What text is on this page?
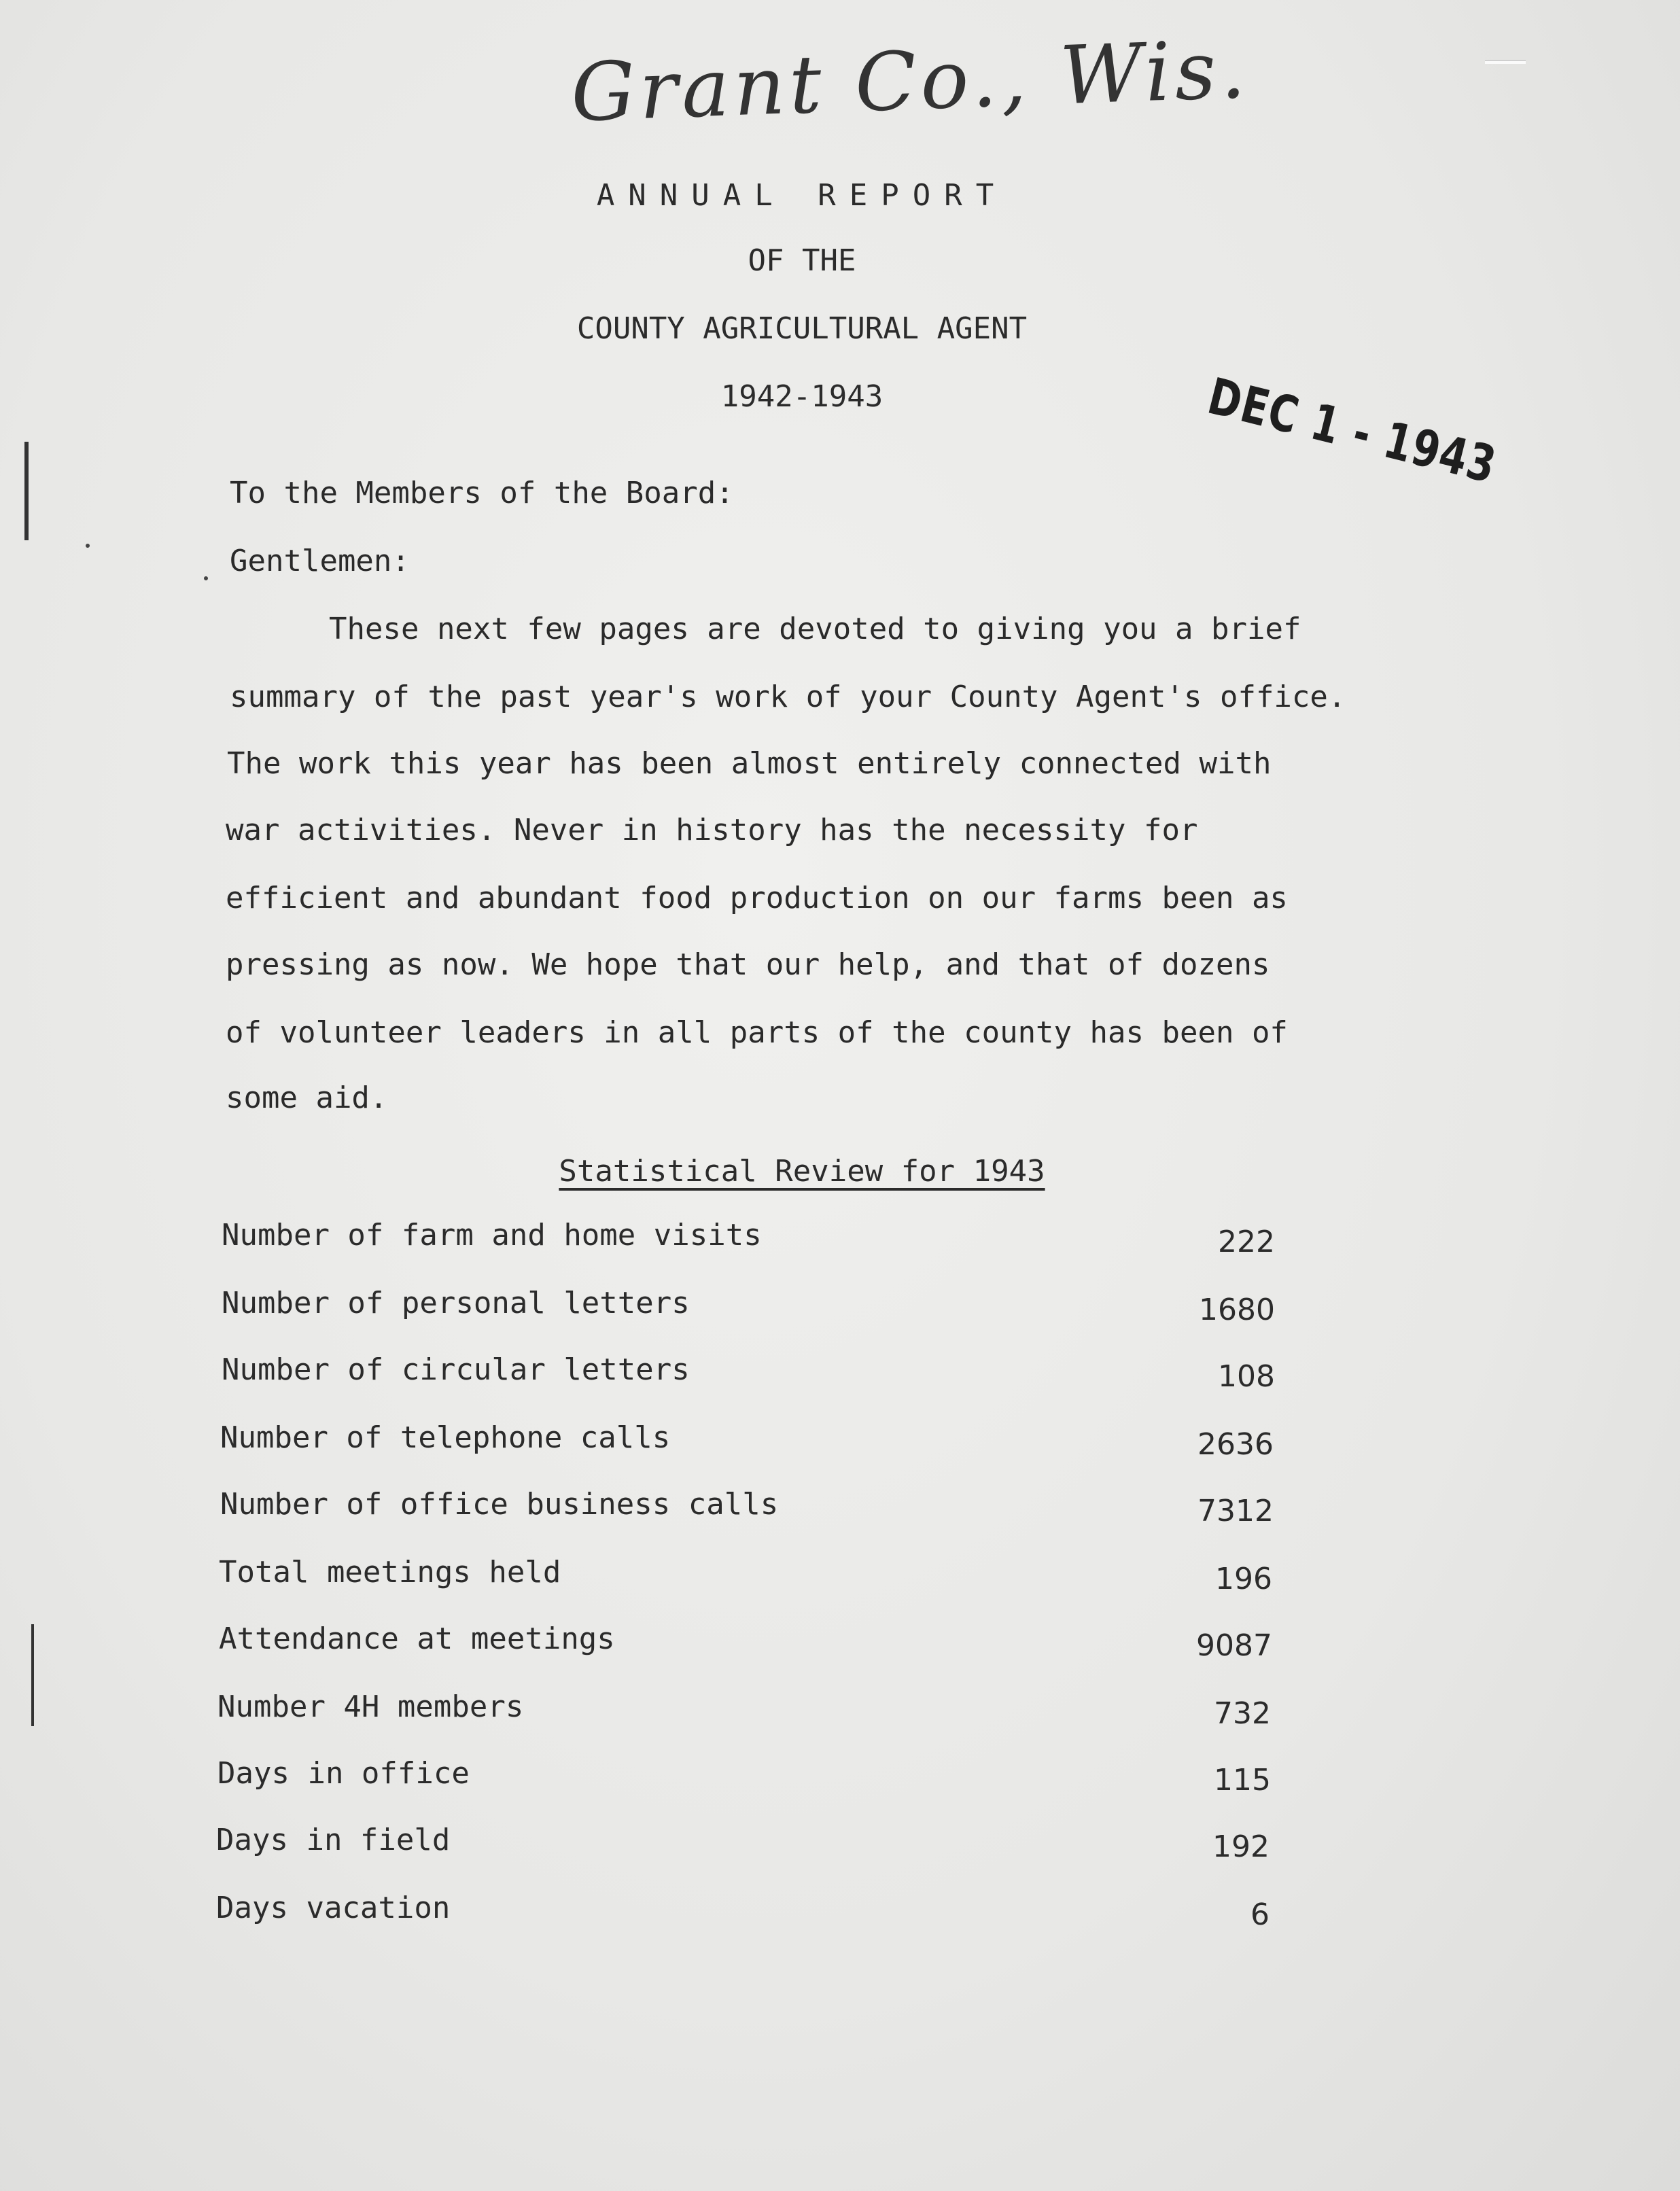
Grant Co., Wis.
DEC 1 - 1943
ANNUAL REPORT
OF THE
COUNTY AGRICULTURAL AGENT
1942-1943
To the Members of the Board:
Gentlemen:
These next few pages are devoted to giving you a brief
summary of the past year's work of your County Agent's office.
The work this year has been almost entirely connected with
war activities. Never in history has the necessity for
efficient and abundant food production on our farms been as
pressing as now. We hope that our help, and that of dozens
of volunteer leaders in all parts of the county has been of
some aid.
Statistical Review for 1943
Number of farm and home visits	222
Number of personal letters	1680
Number of circular letters	108
Number of telephone calls	2636
Number of office business calls	7312
Total meetings held	196
Attendance at meetings	9087
Number 4H members	732
Days in office	115
Days in field	192
Days vacation	6
